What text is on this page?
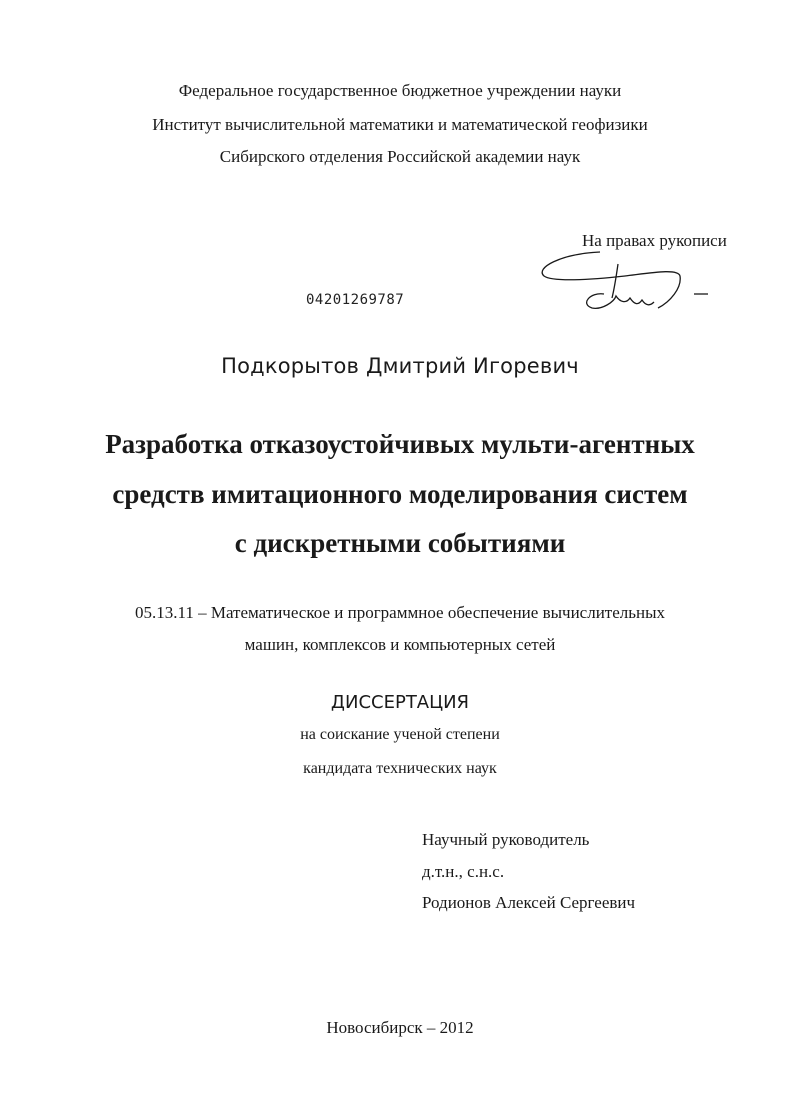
Федеральное государственное бюджетное учреждении науки
Институт вычислительной математики и математической геофизики
Сибирского отделения Российской академии наук
На правах рукописи
04201269787
Подкорытов Дмитрий Игоревич
Разработка отказоустойчивых мульти-агентных
средств имитационного моделирования систем
с дискретными событиями
05.13.11 – Математическое и программное обеспечение вычислительных
машин, комплексов и компьютерных сетей
ДИССЕРТАЦИЯ
на соискание ученой степени
кандидата технических наук
Научный руководитель
д.т.н., с.н.с.
Родионов Алексей Сергеевич
Новосибирск – 2012
